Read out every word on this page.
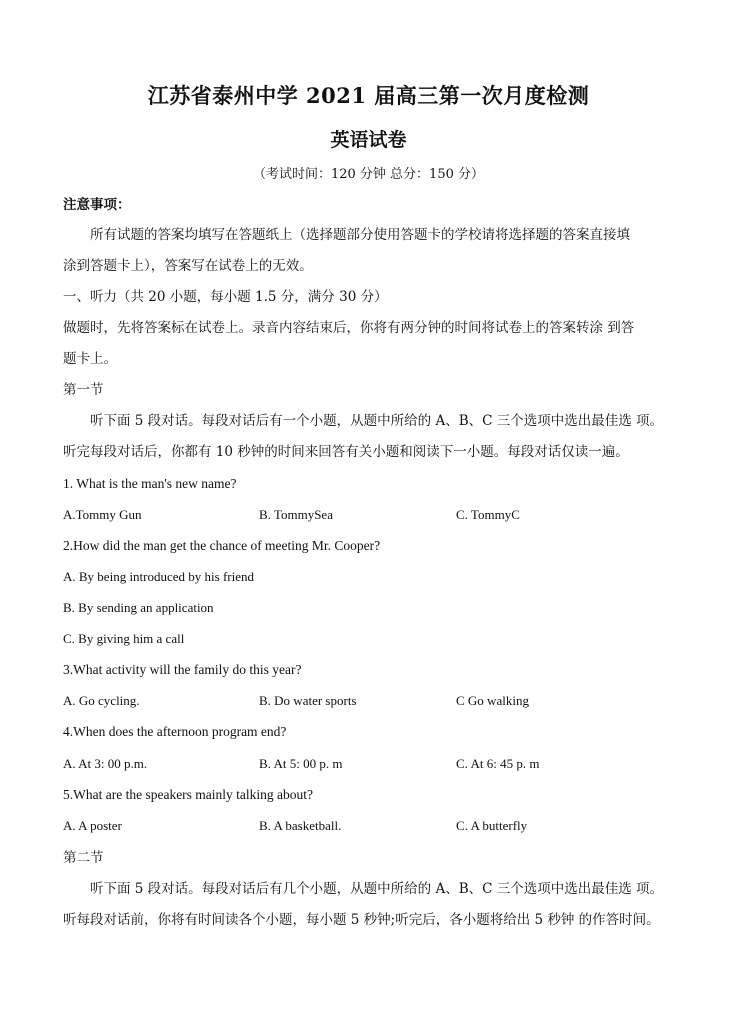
江苏省泰州中学 2021 届高三第一次月度检测
英语试卷
（考试时间：120 分钟 总分：150 分）
注意事项：
所有试题的答案均填写在答题纸上（选择题部分使用答题卡的学校请将选择题的答案直接填
涂到答题卡上），答案写在试卷上的无效。
一、听力（共 20 小题，每小题 1.5 分，满分 30 分）
做题时，先将答案标在试卷上。录音内容结束后，你将有两分钟的时间将试卷上的答案转涂 到答
题卡上。
第一节
听下面 5 段对话。每段对话后有一个小题，从题中所给的 A、B、C 三个选项中选出最佳选 项。
听完每段对话后，你都有 10 秒钟的时间来回答有关小题和阅读下一小题。每段对话仅读一遍。
1. What is the man's new name?
A.Tommy Gun	B. TommySea	C. TommyC
2.How did the man get the chance of meeting Mr. Cooper?
A. By being introduced by his friend
B. By sending an application
C. By giving him a call
3.What activity will the family do this year?
A. Go cycling.	B. Do water sports	C Go walking
4.When does the afternoon program end?
A. At 3: 00 p.m.	B. At 5: 00 p. m	C. At 6: 45 p. m
5.What are the speakers mainly talking about?
A. A poster	B. A basketball.	C. A butterfly
第二节
听下面 5 段对话。每段对话后有几个小题，从题中所给的 A、B、C 三个选项中选出最佳选 项。
听每段对话前，你将有时间读各个小题，每小题 5 秒钟;听完后，各小题将给出 5 秒钟 的作答时间。
